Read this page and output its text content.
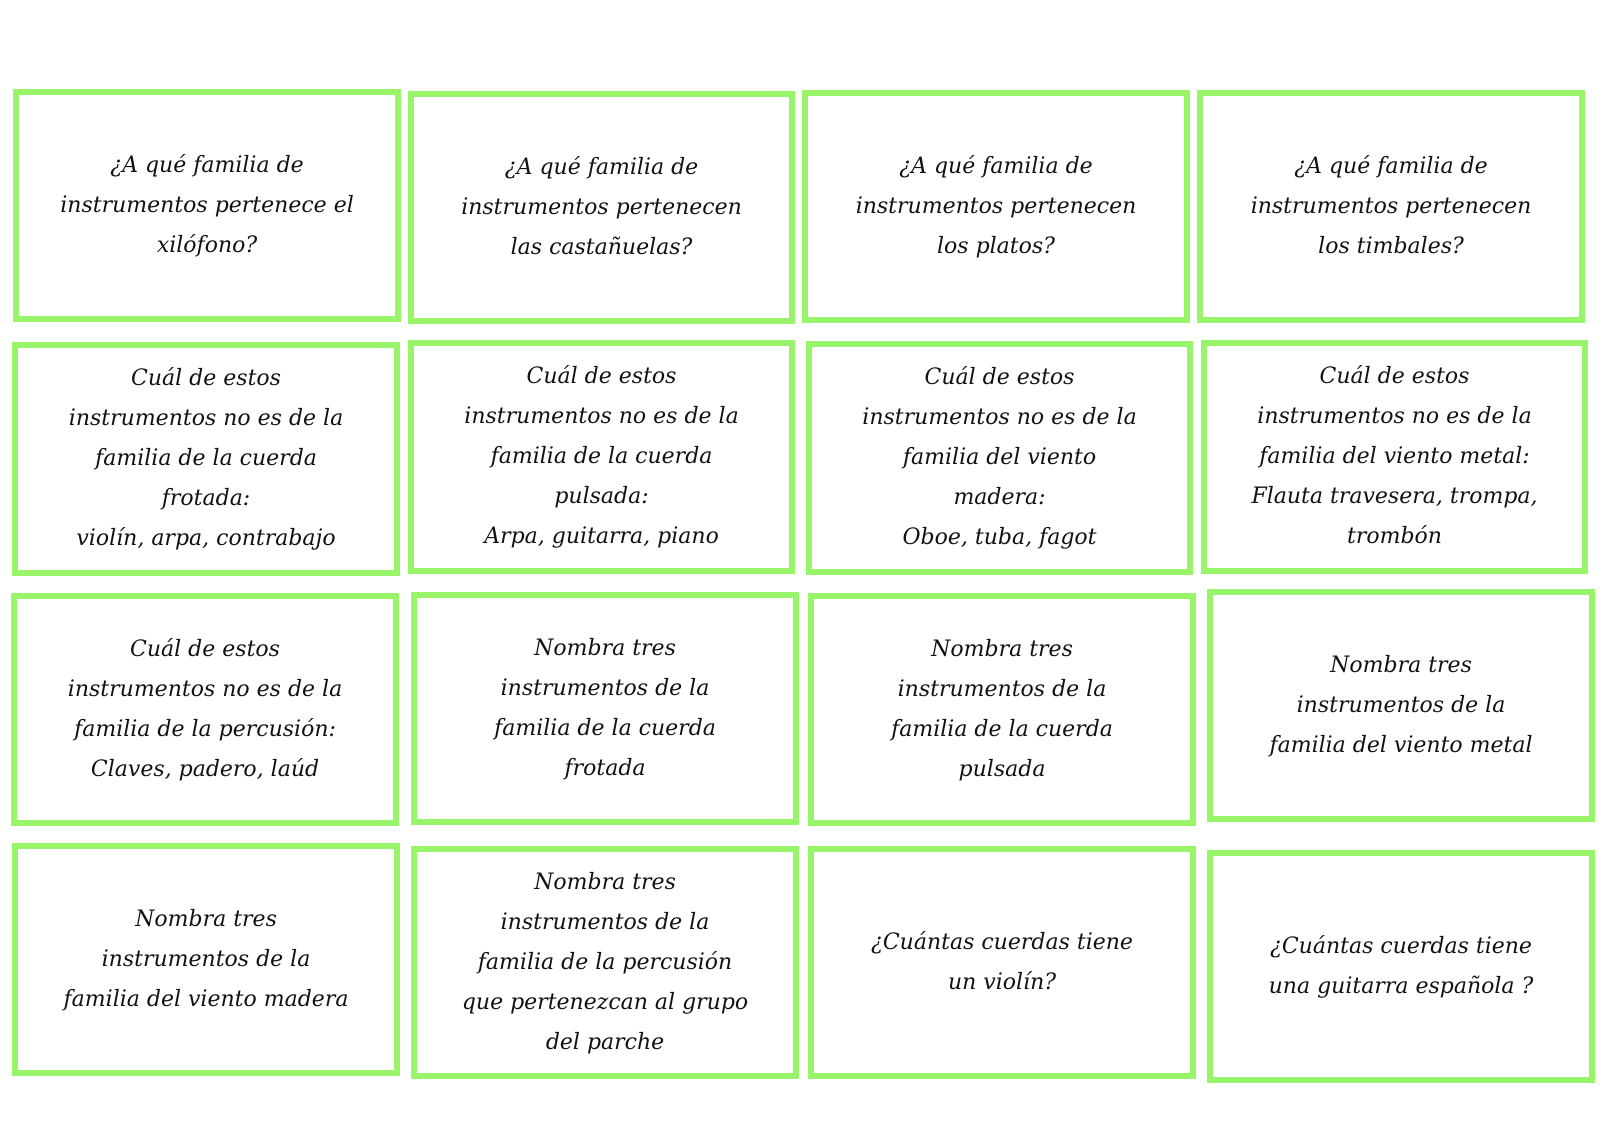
¿A qué familia de
instrumentos pertenece el
xilófono?

¿A qué familia de
instrumentos pertenecen
las castañuelas?

¿A qué familia de
instrumentos pertenecen
los platos?

¿A qué familia de
instrumentos pertenecen
los timbales?

Cuál de estos
instrumentos no es de la
familia de la cuerda
frotada:
violín, arpa, contrabajo

Cuál de estos
instrumentos no es de la
familia de la cuerda
pulsada:
Arpa, guitarra, piano

Cuál de estos
instrumentos no es de la
familia del viento
madera:
Oboe, tuba, fagot

Cuál de estos
instrumentos no es de la
familia del viento metal:
Flauta travesera, trompa,
trombón

Cuál de estos
instrumentos no es de la
familia de la percusión:
Claves, padero, laúd

Nombra tres
instrumentos de la
familia de la cuerda
frotada

Nombra tres
instrumentos de la
familia de la cuerda
pulsada

Nombra tres
instrumentos de la
familia del viento metal

Nombra tres
instrumentos de la
familia del viento madera

Nombra tres
instrumentos de la
familia de la percusión
que pertenezcan al grupo
del parche

¿Cuántas cuerdas tiene
un violín?

¿Cuántas cuerdas tiene
una guitarra española ?
